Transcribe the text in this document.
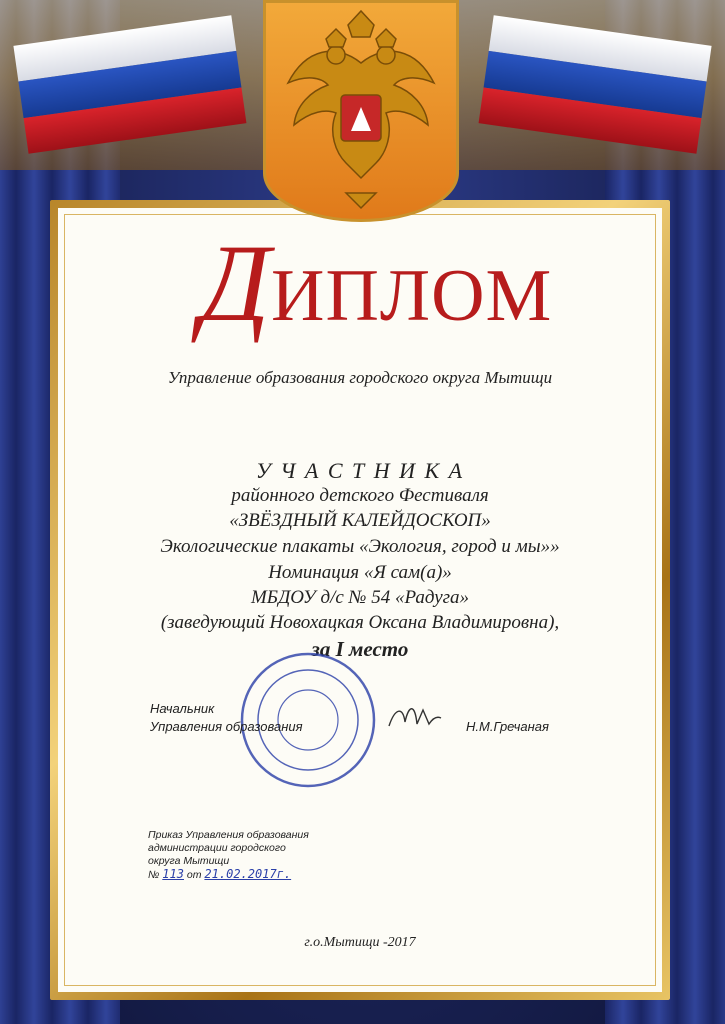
ДИПЛОМ
Управление образования городского округа Мытищи
У Ч А С Т Н И К А
районного детского Фестиваля
«ЗВЁЗДНЫЙ КАЛЕЙДОСКОП»
Экологические плакаты «Экология, город и мы»»
Номинация «Я сам(а)»
МБДОУ д/с № 54 «Радуга»
(заведующий Новохацкая Оксана Владимировна),
за I место
Начальник
Управления образования	Н.М.Гречаная
Приказ Управления образования
администрации городского
округа Мытищи
№ 113 от 21.02.2017г.
г.о.Мытищи -2017
